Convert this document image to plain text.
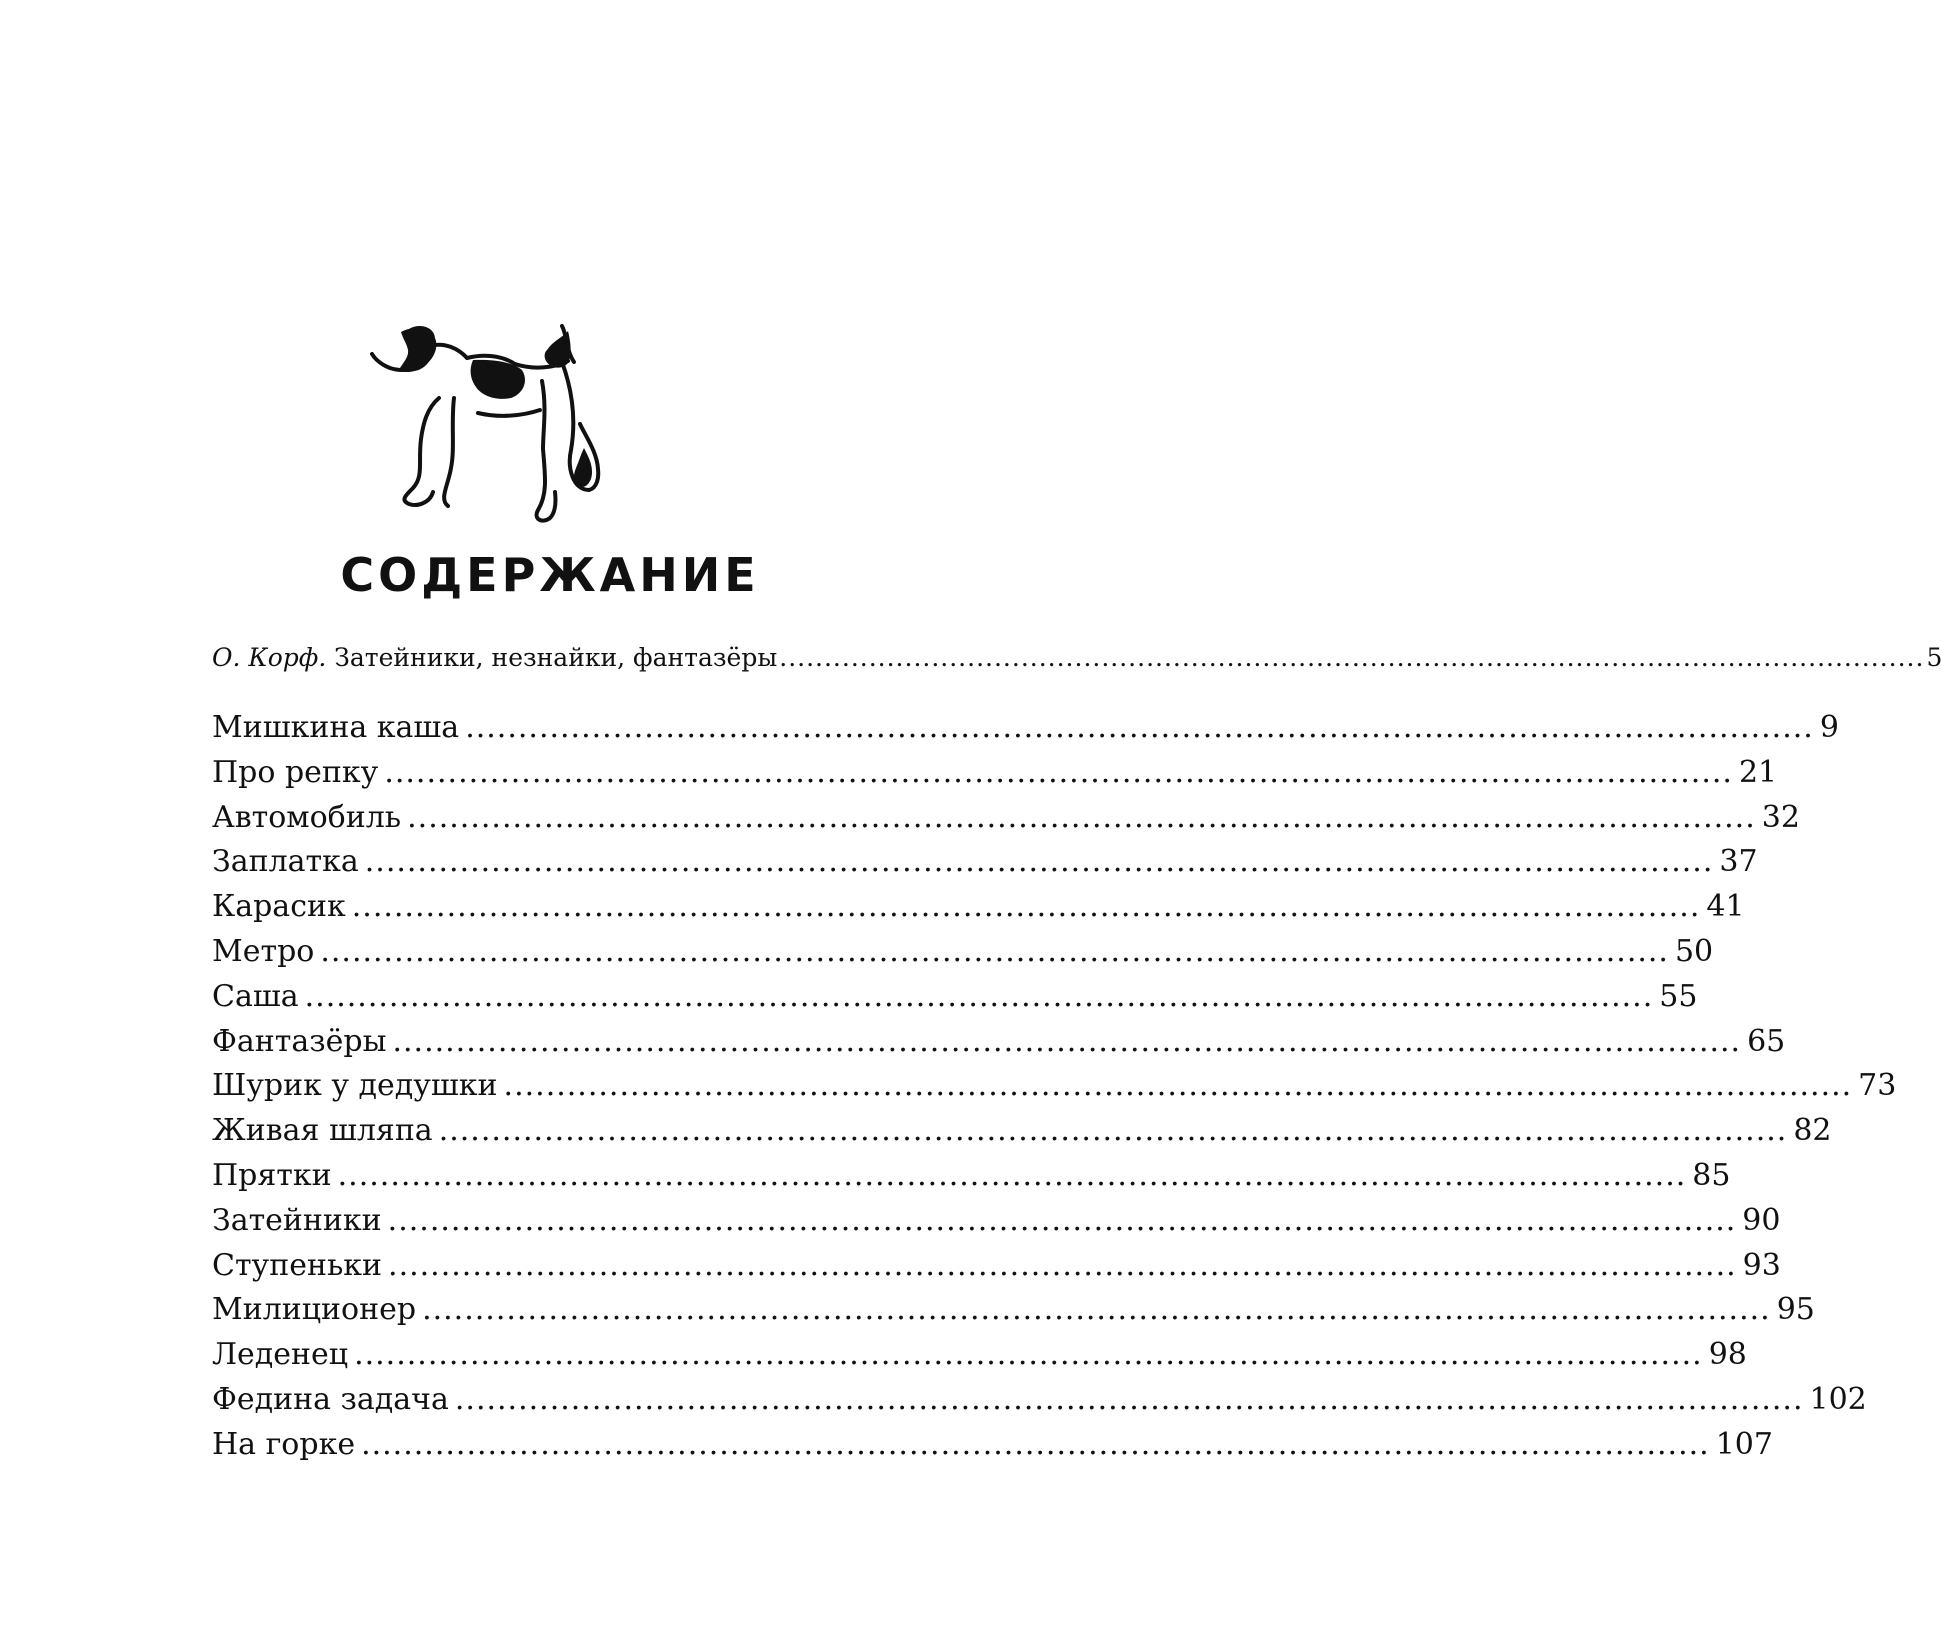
СОДЕРЖАНИЕ
О. Корф.
Затейники, незнайки, фантазёры ................................................................................................................................ 5
Мишкина каша ................................................................................................................................ 9
Про репку ................................................................................................................................ 21
Автомобиль ................................................................................................................................ 32
Заплатка ................................................................................................................................ 37
Карасик ................................................................................................................................ 41
Метро ................................................................................................................................ 50
Саша ................................................................................................................................ 55
Фантазёры ................................................................................................................................ 65
Шурик у дедушки ................................................................................................................................ 73
Живая шляпа ................................................................................................................................ 82
Прятки ................................................................................................................................ 85
Затейники ................................................................................................................................ 90
Ступеньки ................................................................................................................................ 93
Милиционер ................................................................................................................................ 95
Леденец ................................................................................................................................ 98
Федина задача ................................................................................................................................ 102
На горке ................................................................................................................................ 107
